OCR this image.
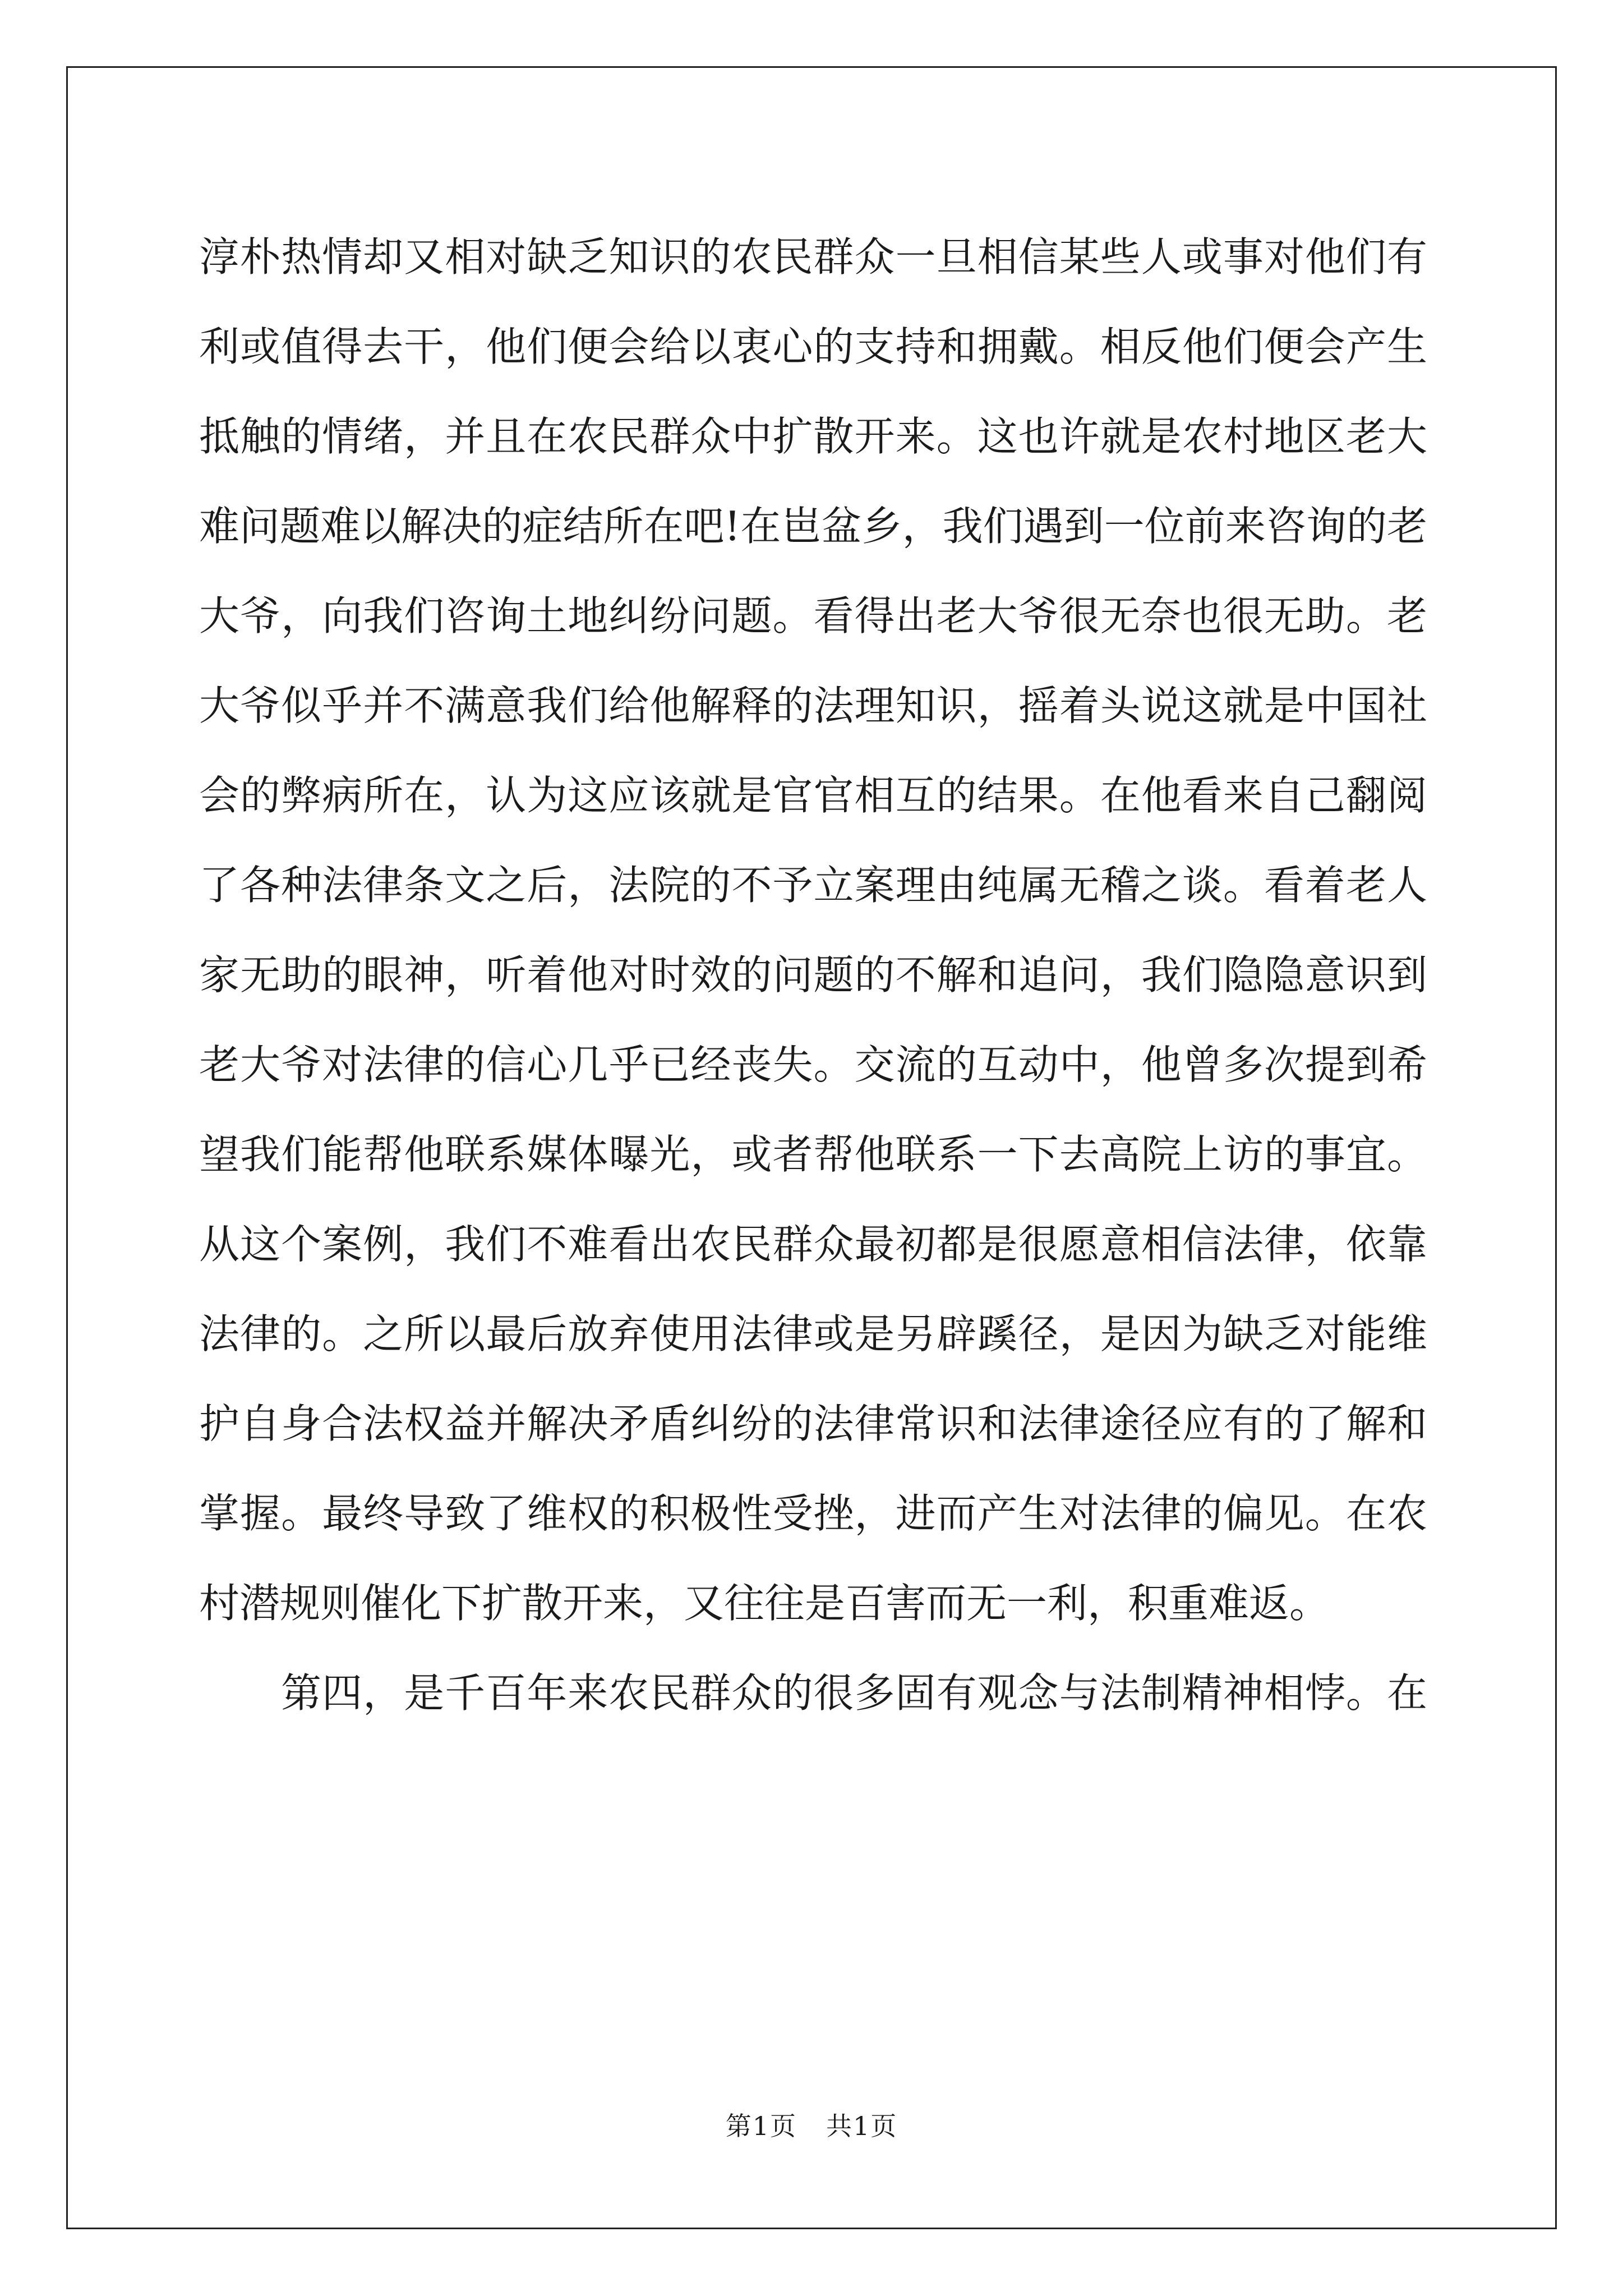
淳朴热情却又相对缺乏知识的农民群众一旦相信某些人或事对他们有
利或值得去干，他们便会给以衷心的支持和拥戴。相反他们便会产生
抵触的情绪，并且在农民群众中扩散开来。这也许就是农村地区老大
难问题难以解决的症结所在吧!在岜盆乡，我们遇到一位前来咨询的老
大爷，向我们咨询土地纠纷问题。看得出老大爷很无奈也很无助。老
大爷似乎并不满意我们给他解释的法理知识，摇着头说这就是中国社
会的弊病所在，认为这应该就是官官相互的结果。在他看来自己翻阅
了各种法律条文之后，法院的不予立案理由纯属无稽之谈。看着老人
家无助的眼神，听着他对时效的问题的不解和追问，我们隐隐意识到
老大爷对法律的信心几乎已经丧失。交流的互动中，他曾多次提到希
望我们能帮他联系媒体曝光，或者帮他联系一下去高院上访的事宜。
从这个案例，我们不难看出农民群众最初都是很愿意相信法律，依靠
法律的。之所以最后放弃使用法律或是另辟蹊径，是因为缺乏对能维
护自身合法权益并解决矛盾纠纷的法律常识和法律途径应有的了解和
掌握。最终导致了维权的积极性受挫，进而产生对法律的偏见。在农
村潜规则催化下扩散开来，又往往是百害而无一利，积重难返。
第四，是千百年来农民群众的很多固有观念与法制精神相悖。在
第1页 共1页
